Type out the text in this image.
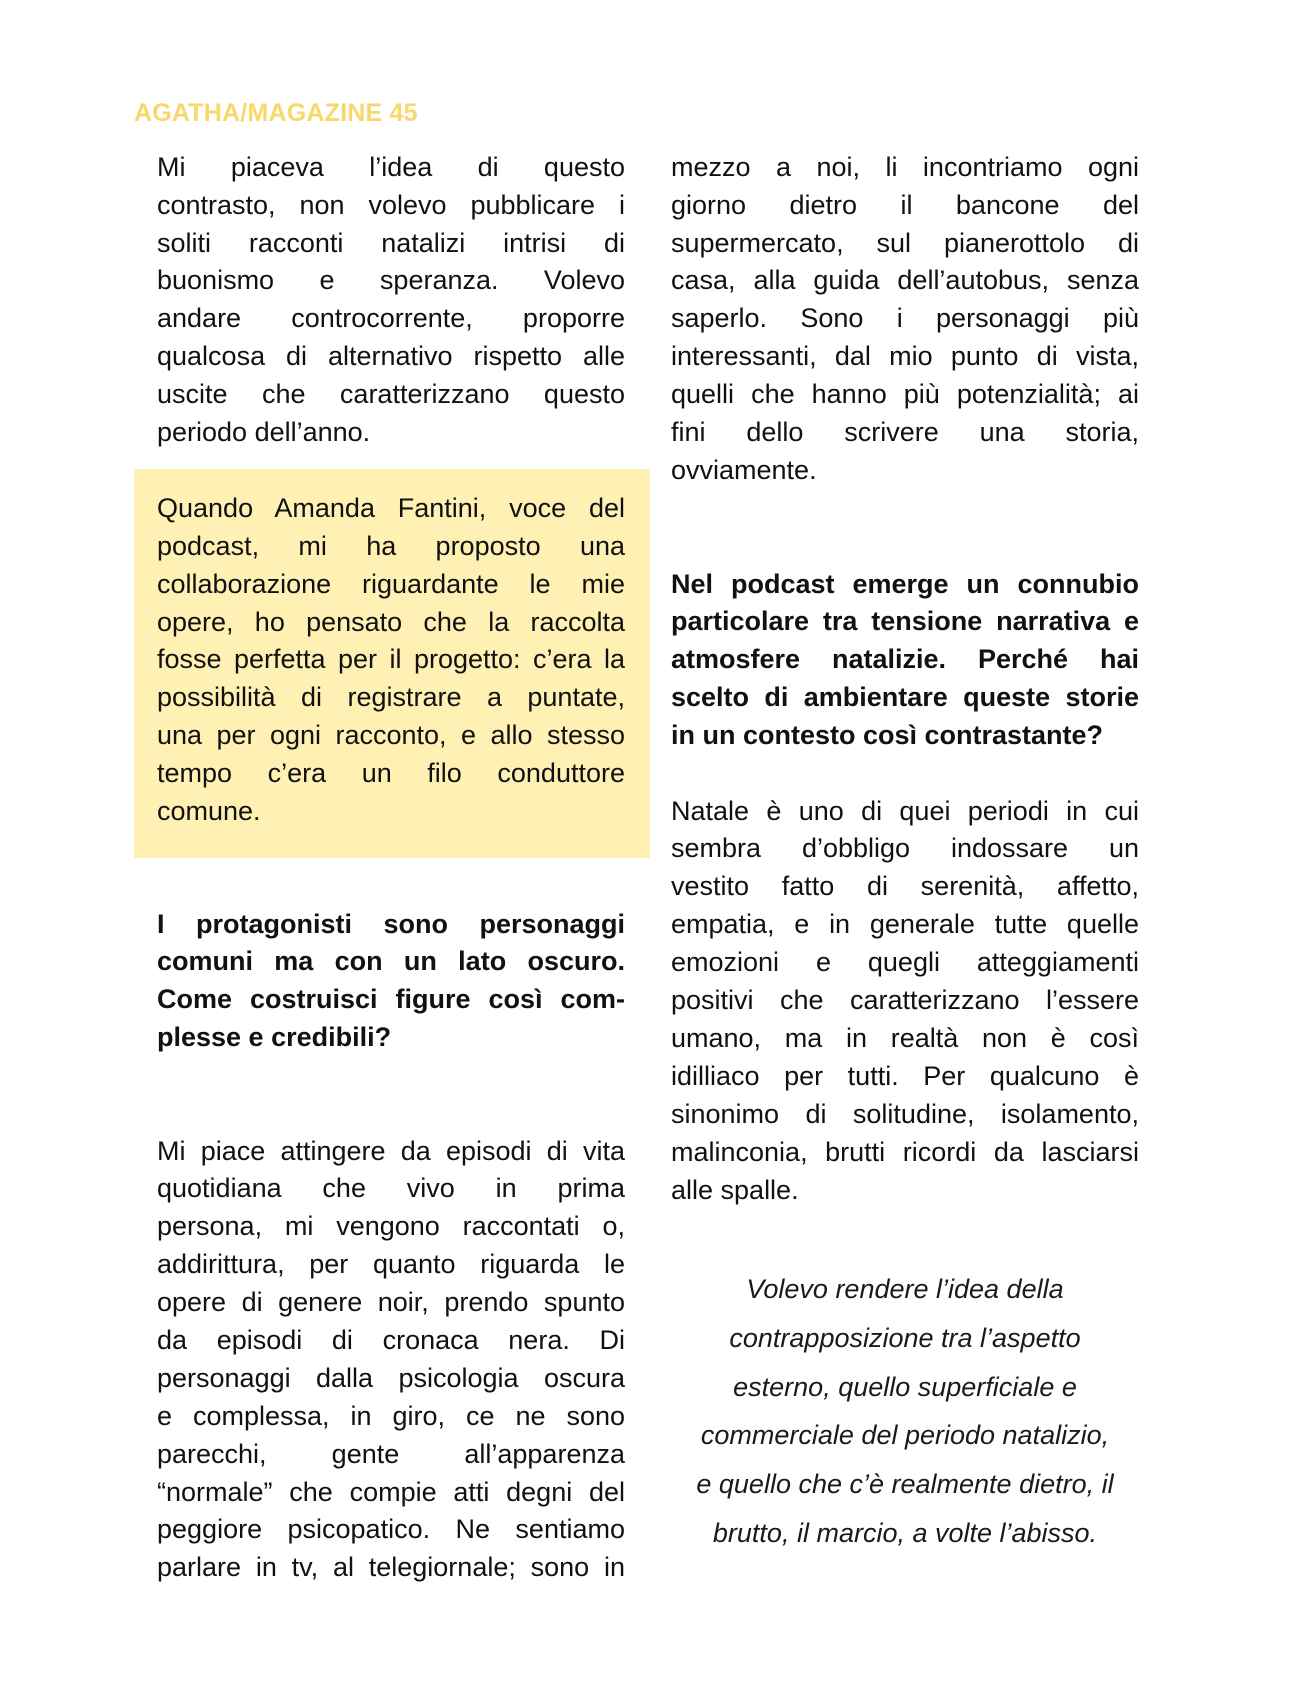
AGATHA/MAGAZINE 45
Mi piaceva l’idea di questo
contrasto, non volevo pubblicare i
soliti racconti natalizi intrisi di
buonismo e speranza. Volevo
andare controcorrente, proporre
qualcosa di alternativo rispetto alle
uscite che caratterizzano questo
periodo dell’anno.
Quando Amanda Fantini, voce del
podcast, mi ha proposto una
collaborazione riguardante le mie
opere, ho pensato che la raccolta
fosse perfetta per il progetto: c’era la
possibilità di registrare a puntate,
una per ogni racconto, e allo stesso
tempo c’era un filo conduttore
comune.
I protagonisti sono personaggi
comuni ma con un lato oscuro.
Come costruisci figure così com-
plesse e credibili?
Mi piace attingere da episodi di vita
quotidiana che vivo in prima
persona, mi vengono raccontati o,
addirittura, per quanto riguarda le
opere di genere noir, prendo spunto
da episodi di cronaca nera. Di
personaggi dalla psicologia oscura
e complessa, in giro, ce ne sono
parecchi, gente all’apparenza
“normale” che compie atti degni del
peggiore psicopatico. Ne sentiamo
parlare in tv, al telegiornale; sono in
mezzo a noi, li incontriamo ogni
giorno dietro il bancone del
supermercato, sul pianerottolo di
casa, alla guida dell’autobus, senza
saperlo. Sono i personaggi più
interessanti, dal mio punto di vista,
quelli che hanno più potenzialità; ai
fini dello scrivere una storia,
ovviamente.
Nel podcast emerge un connubio
particolare tra tensione narrativa e
atmosfere natalizie. Perché hai
scelto di ambientare queste storie
in un contesto così contrastante?
Natale è uno di quei periodi in cui
sembra d’obbligo indossare un
vestito fatto di serenità, affetto,
empatia, e in generale tutte quelle
emozioni e quegli atteggiamenti
positivi che caratterizzano l’essere
umano, ma in realtà non è così
idilliaco per tutti. Per qualcuno è
sinonimo di solitudine, isolamento,
malinconia, brutti ricordi da lasciarsi
alle spalle.
Volevo rendere l’idea della
contrapposizione tra l’aspetto
esterno, quello superficiale e
commerciale del periodo natalizio,
e quello che c’è realmente dietro, il
brutto, il marcio, a volte l’abisso.
